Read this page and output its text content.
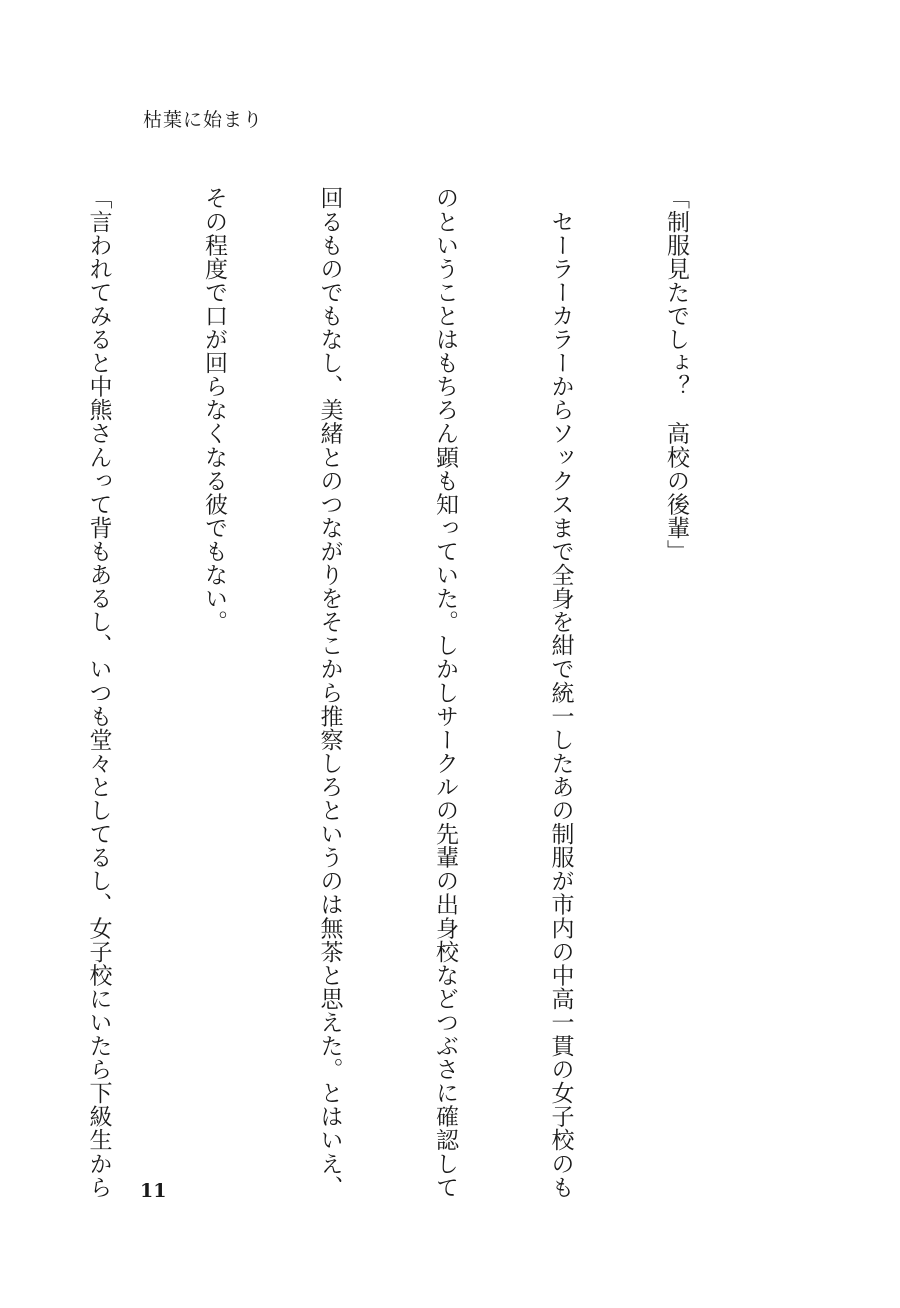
枯葉に始まり

「制服見たでしょ？　高校の後輩」

　セーラーカラーからソックスまで全身を紺で統一したあの制服が市内の中高一貫の女子校のも

のということはもちろん顕も知っていた。しかしサークルの先輩の出身校などつぶさに確認して

回るものでもなし、美緒とのつながりをそこから推察しろというのは無茶と思えた。とはいえ、

その程度で口が回らなくなる彼でもない。

「言われてみると中熊さんって背もあるし、いつも堂々としてるし、女子校にいたら下級生から

	11
